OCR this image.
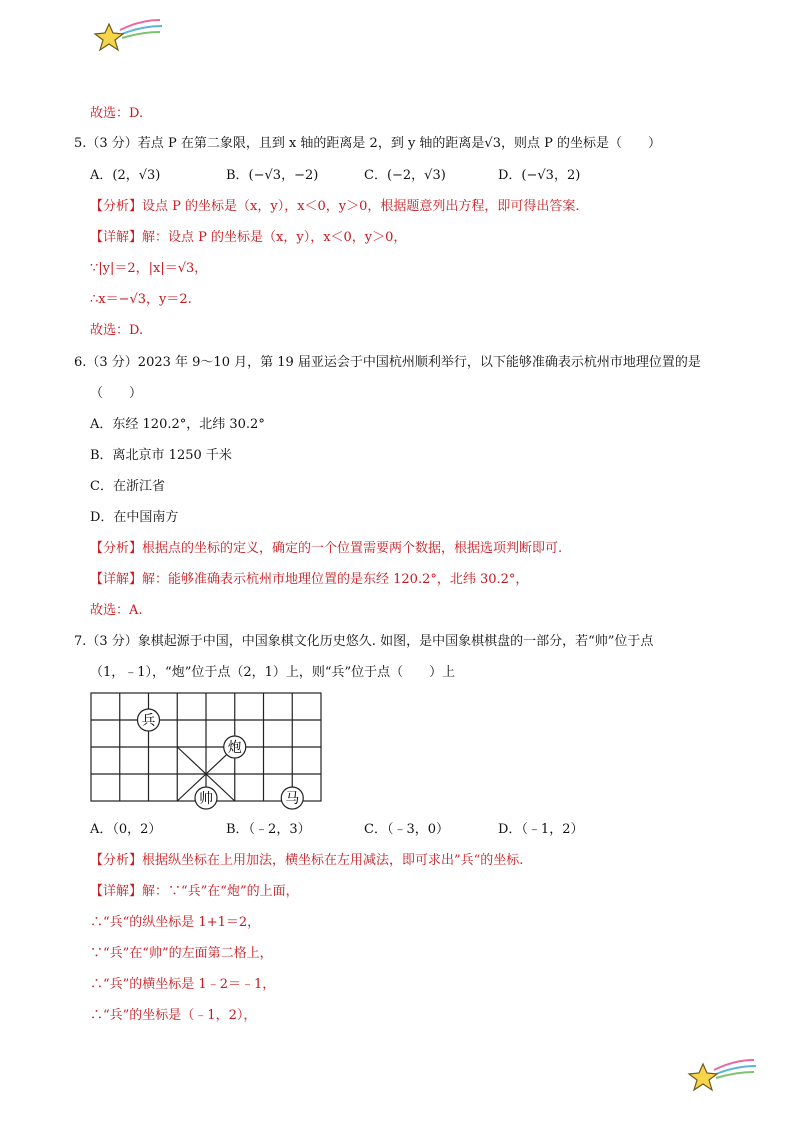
故选：D.
5.（3 分）若点 P 在第二象限，且到 x 轴的距离是 2，到 y 轴的距离是√3，则点 P 的坐标是（　　）
A．(2，√3)	B．(−√3，−2)	C．(−2，√3)	D．(−√3，2)
【分析】设点 P 的坐标是（x，y），x＜0，y＞0，根据题意列出方程，即可得出答案.
【详解】解：设点 P 的坐标是（x，y），x＜0，y＞0，
∵|y|＝2，|x|＝√3，
∴x＝−√3，y＝2.
故选：D.
6.（3 分）2023 年 9～10 月，第 19 届亚运会于中国杭州顺利举行，以下能够准确表示杭州市地理位置的是
（　　）
A．东经 120.2°，北纬 30.2°
B．离北京市 1250 千米
C．在浙江省
D．在中国南方
【分析】根据点的坐标的定义，确定的一个位置需要两个数据，根据选项判断即可.
【详解】解：能够准确表示杭州市地理位置的是东经 120.2°，北纬 30.2°，
故选：A.
7.（3 分）象棋起源于中国，中国象棋文化历史悠久. 如图，是中国象棋棋盘的一部分，若“帅”位于点
（1，﹣1），“炮”位于点（2，1）上，则“兵”位于点（　　）上
兵
炮
帅	马
A．（0，2）	B．（﹣2，3）	C．（﹣3，0）	D．（﹣1，2）
【分析】根据纵坐标在上用加法，横坐标在左用减法，即可求出”兵“的坐标.
【详解】解：∵“兵”在“炮”的上面，
∴“兵“的纵坐标是 1+1＝2，
∵“兵”在“帅”的左面第二格上，
∴“兵”的横坐标是 1﹣2＝﹣1，
∴“兵”的坐标是（﹣1，2），
